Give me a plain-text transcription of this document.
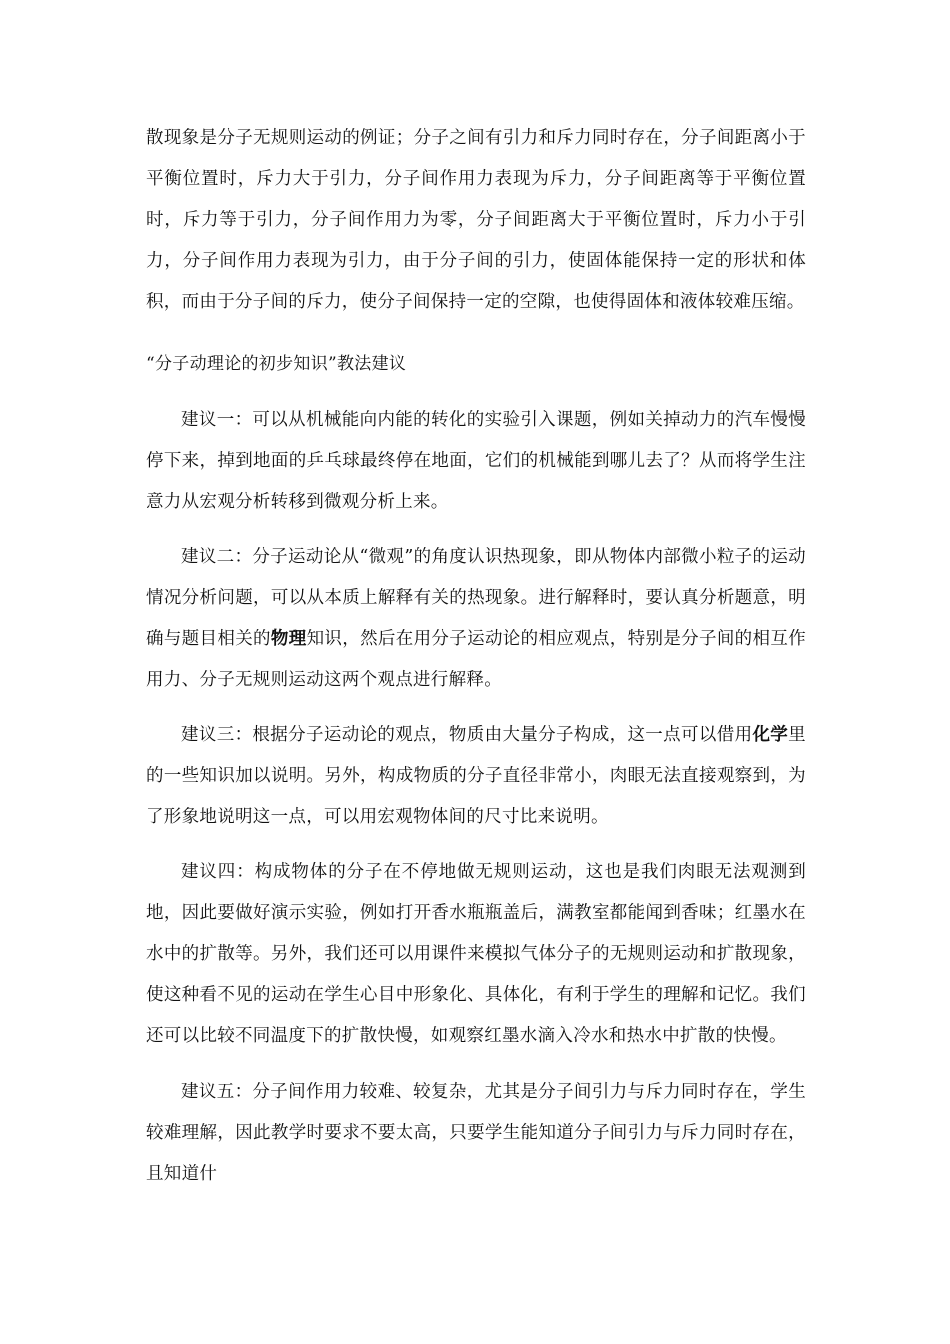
散现象是分子无规则运动的例证；分子之间有引力和斥力同时存在，分子间距离小于平衡位置时，斥力大于引力，分子间作用力表现为斥力，分子间距离等于平衡位置时，斥力等于引力，分子间作用力为零，分子间距离大于平衡位置时，斥力小于引力，分子间作用力表现为引力，由于分子间的引力，使固体能保持一定的形状和体积，而由于分子间的斥力，使分子间保持一定的空隙，也使得固体和液体较难压缩。

“分子动理论的初步知识”教法建议

建议一：可以从机械能向内能的转化的实验引入课题，例如关掉动力的汽车慢慢停下来，掉到地面的乒乓球最终停在地面，它们的机械能到哪儿去了？从而将学生注意力从宏观分析转移到微观分析上来。

建议二：分子运动论从“微观”的角度认识热现象，即从物体内部微小粒子的运动情况分析问题，可以从本质上解释有关的热现象。进行解释时，要认真分析题意，明确与题目相关的物理知识，然后在用分子运动论的相应观点，特别是分子间的相互作用力、分子无规则运动这两个观点进行解释。

建议三：根据分子运动论的观点，物质由大量分子构成，这一点可以借用化学里的一些知识加以说明。另外，构成物质的分子直径非常小，肉眼无法直接观察到，为了形象地说明这一点，可以用宏观物体间的尺寸比来说明。

建议四：构成物体的分子在不停地做无规则运动，这也是我们肉眼无法观测到地，因此要做好演示实验，例如打开香水瓶瓶盖后，满教室都能闻到香味；红墨水在水中的扩散等。另外，我们还可以用课件来模拟气体分子的无规则运动和扩散现象，使这种看不见的运动在学生心目中形象化、具体化，有利于学生的理解和记忆。我们还可以比较不同温度下的扩散快慢，如观察红墨水滴入冷水和热水中扩散的快慢。

建议五：分子间作用力较难、较复杂，尤其是分子间引力与斥力同时存在，学生较难理解，因此教学时要求不要太高，只要学生能知道分子间引力与斥力同时存在，且知道什
